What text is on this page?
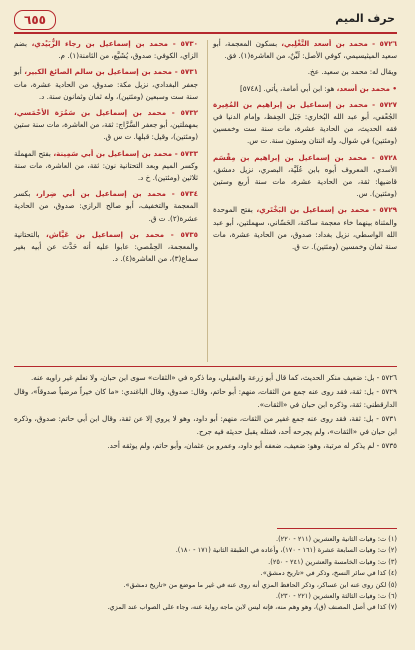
٦٥٥	حرف الميم
٥٧٢٦ - محمد بن أسعد التَّغْلِبي، بسكون المعجمة، أبو سعيد الميثيسيمي، كوفي الأصل: لَيِّنٌ، من العاشرة(١). فق.
ويقال له: محمد بن سعيد. عخ.
• محمد بن أسعد، هو: ابن أبي أمامة، يأتي. [٥٧٤٨]
٥٧٢٧ - محمد بن إسماعيل بن إبراهيم بن المُغِيرة الجُعْفي، أبو عبد الله البُخاري: جَبَل الحِفظ، وإمام الدنيا في فقه الحديث، من الحادية عشرة، مات سنة ست وخمسين (ومئتين) في شوال، وله اثنتان وستون سنة. ت س.
٥٧٢٨ - محمد بن إسماعيل بن إبراهيم بن مِقْسَم الأسدي، المعروف أبوه بابن عُلَيَّة، البصري، نزيل دمشق، قاضيها: ثقة، من الحادية عشرة، مات سنة أربع وستين (ومئتين). س.
٥٧٢٩ - محمد بن إسماعيل بن البَخْتَري، بفتح الموحدة والمثناة بينهما خاء معجمة ساكنة، الحَسّاني، سهملتين، أبو عبد الله الواسطي، نزيل بغداد: صدوق، من الحادية عشرة، مات سنة ثمان وخمسين (ومئتين). ت ق.
٥٧٣٠ - محمد بن إسماعيل بن رجاء الزُّبَيْدي، بضم الزاي، الكوفي: صدوق، يُشَيَّع، من الثامنة(١). م.
٥٧٣١ - محمد بن إسماعيل بن سالم الصائغ الكبير، أبو جعفر البغدادي، نزيل مكة: صدوق، من الحادية عشرة، مات سنة ست وسبعين (ومئتين)، وله ثمان وثمانون سنة. د.
٥٧٣٢ - محمد بن إسماعيل بن سَمُرَة الأحْمَسي، بمهملتين، أبو جعفر السَّرَّاج: ثقة، من العاشرة، مات سنة ستين (ومئتين)، وقيل: قبلها. ت س ق.
٥٧٣٣ - محمد بن إسماعيل بن أبي سَمِينة، بفتح المهملة وكسر الميم وبعد التحتانية نون: ثقة، من العاشرة، مات سنة ثلاثين (ومئتين). خ د.
٥٧٣٤ - محمد بن إسماعيل بن أبي ضِرار، بكسر المعجمة والتخفيف، أبو صالح الرازي: صدوق، من الحادية عشرة(٢). ت ق.
٥٧٣٥ - محمد بن إسماعيل بن عَيَّاش، بالتحتانية والمعجمة، الحِمْصي: عابوا عليه أنه حَدَّث عن أبيه بغير سماع(٣)، من العاشرة(٤). د.
٥٧٢٦ - بل: ضعيف منكر الحديث، كما قال أبو زرعة والعقيلي، وما ذكره في «الثقات» سوى ابن حبان، ولا نعلم غير راويه عنه.
٥٧٢٩ - بل: ثقة، فقد روى عنه جمع من الثقات، منهم: أبو حاتم، وقال: صدوق، وقال الباغندي: «ما كان خيراً مرضياً صدوقاً»، وقال الدارقطني: ثقة، وذكره ابن حبان في «الثقات».
٥٧٣١ - بل: ثقة، فقد روى عنه جمع غفير من الثقات، منهم: أبو داود، وهو لا يروي إلا عن ثقة، وقال ابن أبي حاتم: صدوق، وذكره ابن حبان في «الثقات»، ولم يجرحه أحد، فمثله يقبل حديثه فيه جرح.
٥٧٣٥ - لم يذكر له مرتبة، وهو: ضعيف، ضعفه أبو داود، وعمرو بن عثمان، وأبو حاتم، ولم يوثقه أحد.
(١) ت: وفيات الثانية والعشرين (٢١١ - ٢٢٠).
(٢) ت: وفيات السابعة عشرة (١٦١ - ١٧٠)، وأعاده في الطبقة الثانية (١٧١ - ١٨٠).
(٣) ت: وفيات الخامسة والعشرين (٢٤١ - ٢٥٠).
(٤) كذا في سائر النسخ، وذكر في «تاريخ دمشق».
(٥) لكن روى عنه ابن عساكر، وذكر الحافظ المزي أنه روى عنه في غير ما موضع من «تاريخ دمشق».
(٦) ت: وفيات الثالثة والعشرين (٢٢١ - ٢٣٠).
(٧) كذا في أصل المصنف (ق)، وهو وهم منه، فإنه ليس لابن ماجه رواية عنه، وجاء على الصواب عند المزي.
